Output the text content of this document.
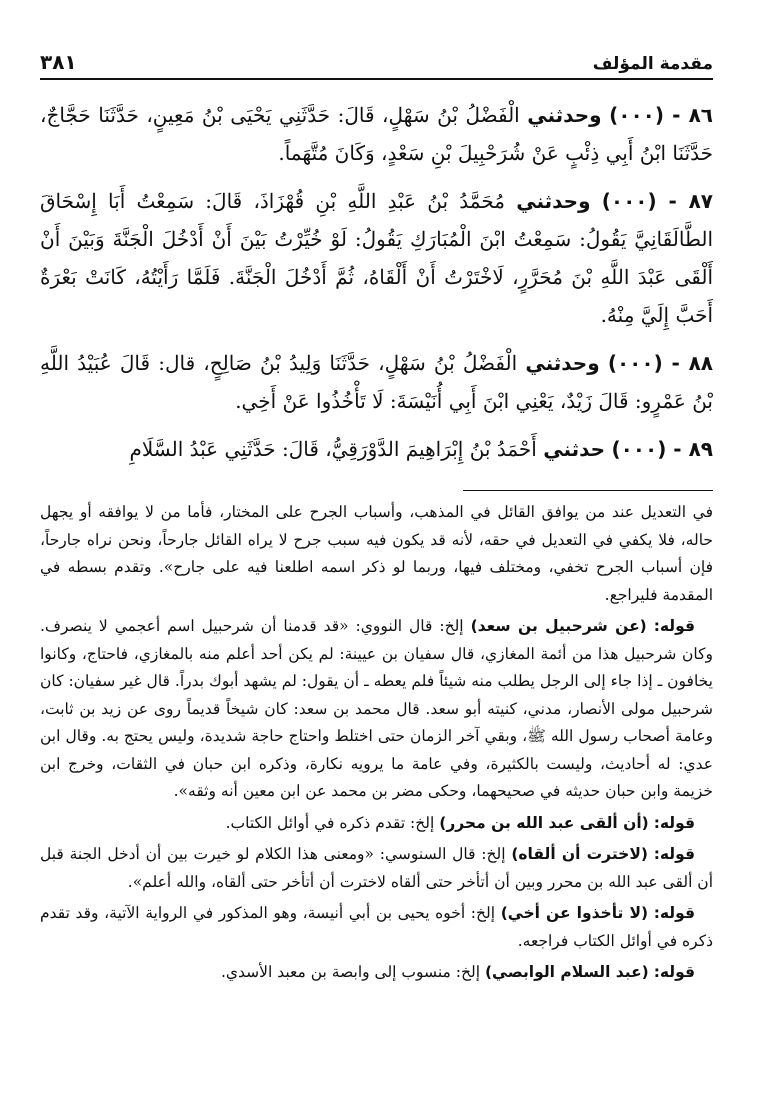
مقدمة المؤلف
٣٨١

٨٦ - (٠٠٠) وحدثني الْفَضْلُ بْنُ سَهْلٍ، قَالَ: حَدَّثَنِي يَحْيَى بْنُ مَعِينٍ، حَدَّثَنَا حَجَّاجٌ، حَدَّثَنَا ابْنُ أَبِي ذِئْبٍ عَنْ شُرَحْبِيلَ بْنِ سَعْدٍ، وَكَانَ مُتَّهَماً.

٨٧ - (٠٠٠) وحدثني مُحَمَّدُ بْنُ عَبْدِ اللَّهِ بْنِ قُهْزَاذَ، قَالَ: سَمِعْتُ أَبَا إِسْحَاقَ الطَّالَقَانِيَّ يَقُولُ: سَمِعْتُ ابْنَ الْمُبَارَكِ يَقُولُ: لَوْ خُيِّرْتُ بَيْنَ أَنْ أَدْخُلَ الْجَنَّةَ وَبَيْنَ أَنْ أَلْقَى عَبْدَ اللَّهِ بْنَ مُحَرَّرٍ، لَاخْتَرْتُ أَنْ أَلْقَاهُ، ثُمَّ أَدْخُلَ الْجَنَّةَ. فَلَمَّا رَأَيْتُهُ، كَانَتْ بَعْرَةٌ أَحَبَّ إِلَيَّ مِنْهُ.

٨٨ - (٠٠٠) وحدثني الْفَضْلُ بْنُ سَهْلٍ، حَدَّثَنَا وَلِيدُ بْنُ صَالِحٍ، قال: قَالَ عُبَيْدُ اللَّهِ بْنُ عَمْرٍو: قَالَ زَيْدٌ، يَعْنِي ابْنَ أَبِي أُنَيْسَةَ: لَا تَأْخُذُوا عَنْ أَخِي.

٨٩ - (٠٠٠) حدثني أَحْمَدُ بْنُ إِبْرَاهِيمَ الدَّوْرَقِيُّ، قَالَ: حَدَّثَنِي عَبْدُ السَّلَامِ

في التعديل عند من يوافق القائل في المذهب، وأسباب الجرح على المختار، فأما من لا يوافقه أو يجهل حاله، فلا يكفي في التعديل في حقه، لأنه قد يكون فيه سبب جرح لا يراه القائل جارحاً، ونحن نراه جارحاً، فإن أسباب الجرح تخفي، ومختلف فيها، وربما لو ذكر اسمه اطلعنا فيه على جارح». وتقدم بسطه في المقدمة فليراجع.

قوله: (عن شرحبيل بن سعد) إلخ: قال النووي: «قد قدمنا أن شرحبيل اسم أعجمي لا ينصرف. وكان شرحبيل هذا من أئمة المغازي، قال سفيان بن عيينة: لم يكن أحد أعلم منه بالمغازي، فاحتاج، وكانوا يخافون ـ إذا جاء إلى الرجل يطلب منه شيئاً فلم يعطه ـ أن يقول: لم يشهد أبوك بدراً. قال غير سفيان: كان شرحبيل مولى الأنصار، مدني، كنيته أبو سعد. قال محمد بن سعد: كان شيخاً قديماً روى عن زيد بن ثابت، وعامة أصحاب رسول الله ﷺ، وبقي آخر الزمان حتى اختلط واحتاج حاجة شديدة، وليس يحتج به. وقال ابن عدي: له أحاديث، وليست بالكثيرة، وفي عامة ما يرويه نكارة، وذكره ابن حبان في الثقات، وخرج ابن خزيمة وابن حبان حديثه في صحيحهما، وحكى مضر بن محمد عن ابن معين أنه وثقه».

قوله: (أن ألقى عبد الله بن محرر) إلخ: تقدم ذكره في أوائل الكتاب.

قوله: (لاخترت أن ألقاه) إلخ: قال السنوسي: «ومعنى هذا الكلام لو خيرت بين أن أدخل الجنة قبل أن ألقى عبد الله بن محرر وبين أن أتأخر حتى ألقاه لاخترت أن أتأخر حتى ألقاه، والله أعلم».

قوله: (لا تأخذوا عن أخي) إلخ: أخوه يحيى بن أبي أنيسة، وهو المذكور في الرواية الآتية، وقد تقدم ذكره في أوائل الكتاب فراجعه.

قوله: (عبد السلام الوابصي) إلخ: منسوب إلى وابصة بن معبد الأسدي.
